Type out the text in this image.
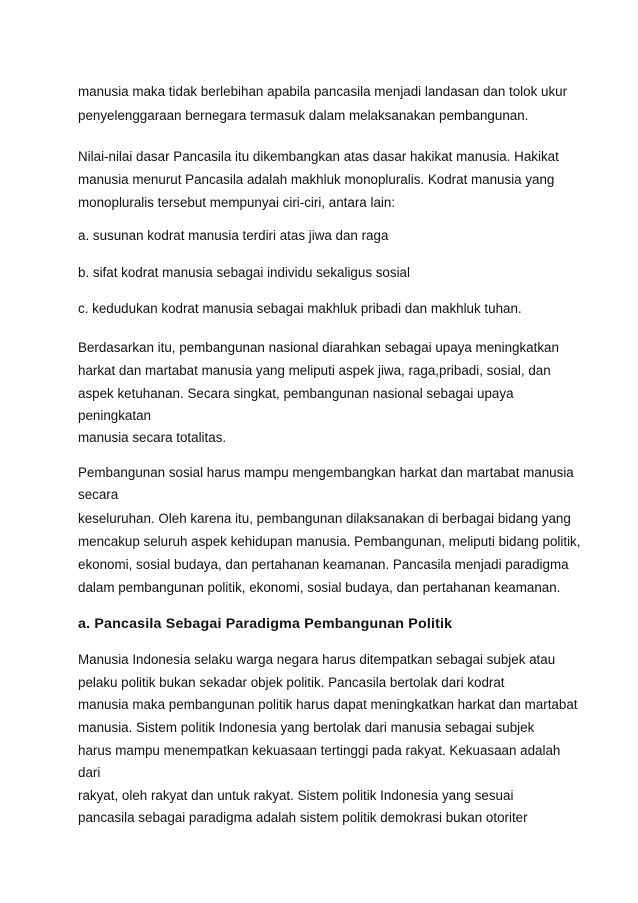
manusia maka tidak berlebihan apabila pancasila menjadi landasan dan tolok ukur
penyelenggaraan bernegara termasuk dalam melaksanakan pembangunan.
Nilai-nilai dasar Pancasila itu dikembangkan atas dasar hakikat manusia. Hakikat
manusia menurut Pancasila adalah makhluk monopluralis. Kodrat manusia yang
monopluralis tersebut mempunyai ciri-ciri, antara lain:
a. susunan kodrat manusia terdiri atas jiwa dan raga
b. sifat kodrat manusia sebagai individu sekaligus sosial
c. kedudukan kodrat manusia sebagai makhluk pribadi dan makhluk tuhan.
Berdasarkan itu, pembangunan nasional diarahkan sebagai upaya meningkatkan
harkat dan martabat manusia yang meliputi aspek jiwa, raga,pribadi, sosial, dan
aspek ketuhanan. Secara singkat, pembangunan nasional sebagai upaya
peningkatan
manusia secara totalitas.
Pembangunan sosial harus mampu mengembangkan harkat dan martabat manusia
secara
keseluruhan. Oleh karena itu, pembangunan dilaksanakan di berbagai bidang yang
mencakup seluruh aspek kehidupan manusia. Pembangunan, meliputi bidang politik,
ekonomi, sosial budaya, dan pertahanan keamanan. Pancasila menjadi paradigma
dalam pembangunan politik, ekonomi, sosial budaya, dan pertahanan keamanan.
a. Pancasila Sebagai Paradigma Pembangunan Politik
Manusia Indonesia selaku warga negara harus ditempatkan sebagai subjek atau
pelaku politik bukan sekadar objek politik. Pancasila bertolak dari kodrat
manusia maka pembangunan politik harus dapat meningkatkan harkat dan martabat
manusia. Sistem politik Indonesia yang bertolak dari manusia sebagai subjek
harus mampu menempatkan kekuasaan tertinggi pada rakyat. Kekuasaan adalah
dari
rakyat, oleh rakyat dan untuk rakyat. Sistem politik Indonesia yang sesuai
pancasila sebagai paradigma adalah sistem politik demokrasi bukan otoriter
